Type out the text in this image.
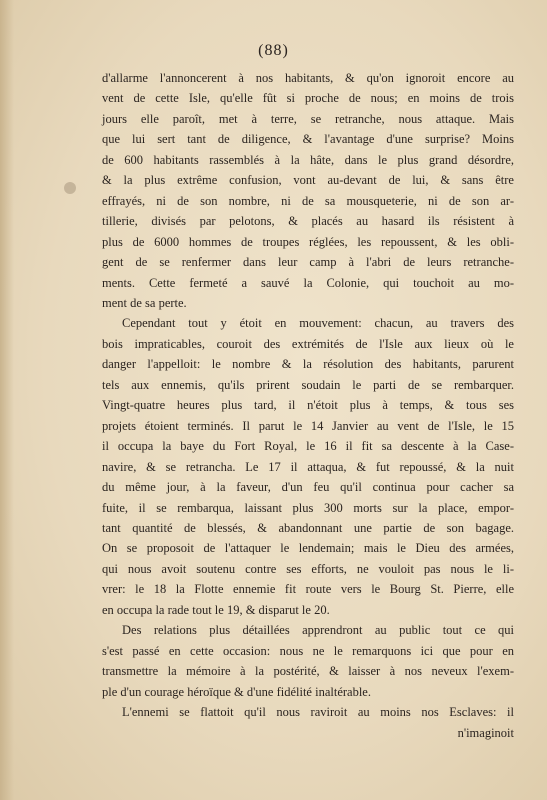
(88)

d'allarme l'annoncerent à nos habitants, & qu'on ignoroit encore au
vent de cette Isle, qu'elle fût si proche de nous; en moins de trois
jours elle paroît, met à terre, se retranche, nous attaque. Mais
que lui sert tant de diligence, & l'avantage d'une surprise? Moins
de 600 habitants rassemblés à la hâte, dans le plus grand désordre,
& la plus extrême confusion, vont au-devant de lui, & sans être
effrayés, ni de son nombre, ni de sa mousqueterie, ni de son ar-
tillerie, divisés par pelotons, & placés au hasard ils résistent à
plus de 6000 hommes de troupes réglées, les repoussent, & les obli-
gent de se renfermer dans leur camp à l'abri de leurs retranche-
ments. Cette fermeté a sauvé la Colonie, qui touchoit au mo-
ment de sa perte.

Cependant tout y étoit en mouvement: chacun, au travers des
bois impraticables, couroit des extrémités de l'Isle aux lieux où le
danger l'appelloit: le nombre & la résolution des habitants, parurent
tels aux ennemis, qu'ils prirent soudain le parti de se rembarquer.
Vingt-quatre heures plus tard, il n'étoit plus à temps, & tous ses
projets étoient terminés. Il parut le 14 Janvier au vent de l'Isle, le 15
il occupa la baye du Fort Royal, le 16 il fit sa descente à la Case-
navire, & se retrancha. Le 17 il attaqua, & fut repoussé, & la nuit
du même jour, à la faveur, d'un feu qu'il continua pour cacher sa
fuite, il se rembarqua, laissant plus 300 morts sur la place, empor-
tant quantité de blessés, & abandonnant une partie de son bagage.
On se proposoit de l'attaquer le lendemain; mais le Dieu des armées,
qui nous avoit soutenu contre ses efforts, ne vouloit pas nous le li-
vrer: le 18 la Flotte ennemie fit route vers le Bourg St. Pierre, elle
en occupa la rade tout le 19, & disparut le 20.

Des relations plus détaillées apprendront au public tout ce qui
s'est passé en cette occasion: nous ne le remarquons ici que pour en
transmettre la mémoire à la postérité, & laisser à nos neveux l'exem-
ple d'un courage héroïque & d'une fidélité inaltérable.

L'ennemi se flattoit qu'il nous raviroit au moins nos Esclaves: il
n'imaginoit
